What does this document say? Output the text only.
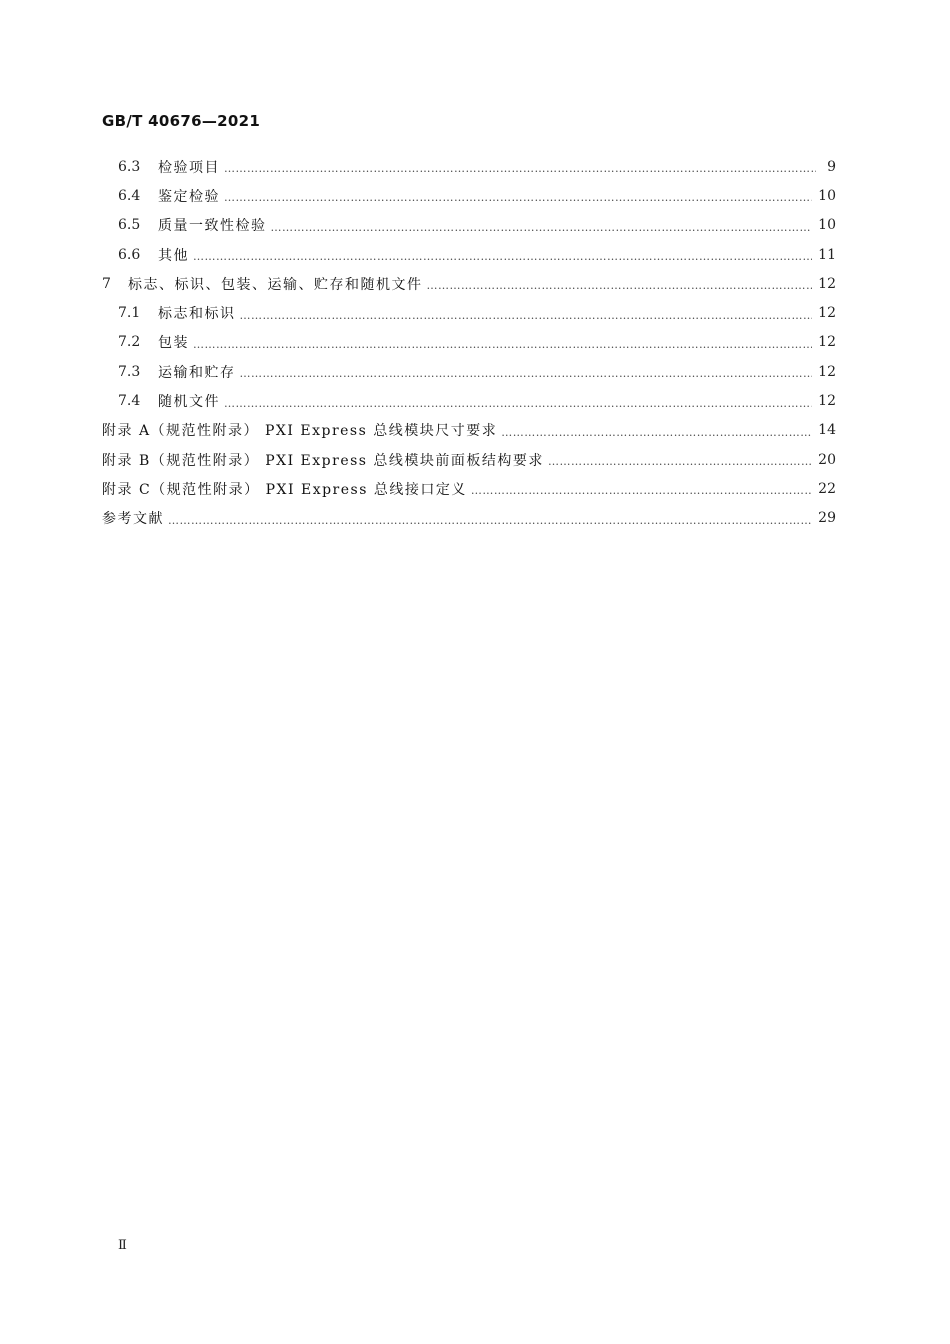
GB/T 40676—2021
6.3	检验项目 ………………………………………………………………………………………………………………………………………………………………………………………………………………………………………………	9
6.4	鉴定检验 ………………………………………………………………………………………………………………………………………………………………………………………………………………………………………………	10
6.5	质量一致性检验 ………………………………………………………………………………………………………………………………………………………………………………………………………………………………………………	10
6.6	其他 ………………………………………………………………………………………………………………………………………………………………………………………………………………………………………………	11
7	标志、标识、包装、运输、贮存和随机文件 ………………………………………………………………………………………………………………………………………………………………………………………………………………………………………………	12
7.1	标志和标识 ………………………………………………………………………………………………………………………………………………………………………………………………………………………………………………	12
7.2	包装 ………………………………………………………………………………………………………………………………………………………………………………………………………………………………………………	12
7.3	运输和贮存 ………………………………………………………………………………………………………………………………………………………………………………………………………………………………………………	12
7.4	随机文件 ………………………………………………………………………………………………………………………………………………………………………………………………………………………………………………	12
附录 A（规范性附录） PXI Express 总线模块尺寸要求 ………………………………………………………………………………………………………………………………………………………………………………………………………………………………………………	14
附录 B（规范性附录） PXI Express 总线模块前面板结构要求 ………………………………………………………………………………………………………………………………………………………………………………………………………………………………………………	20
附录 C（规范性附录） PXI Express 总线接口定义 ………………………………………………………………………………………………………………………………………………………………………………………………………………………………………………	22
参考文献 ………………………………………………………………………………………………………………………………………………………………………………………………………………………………………………	29
Ⅱ
